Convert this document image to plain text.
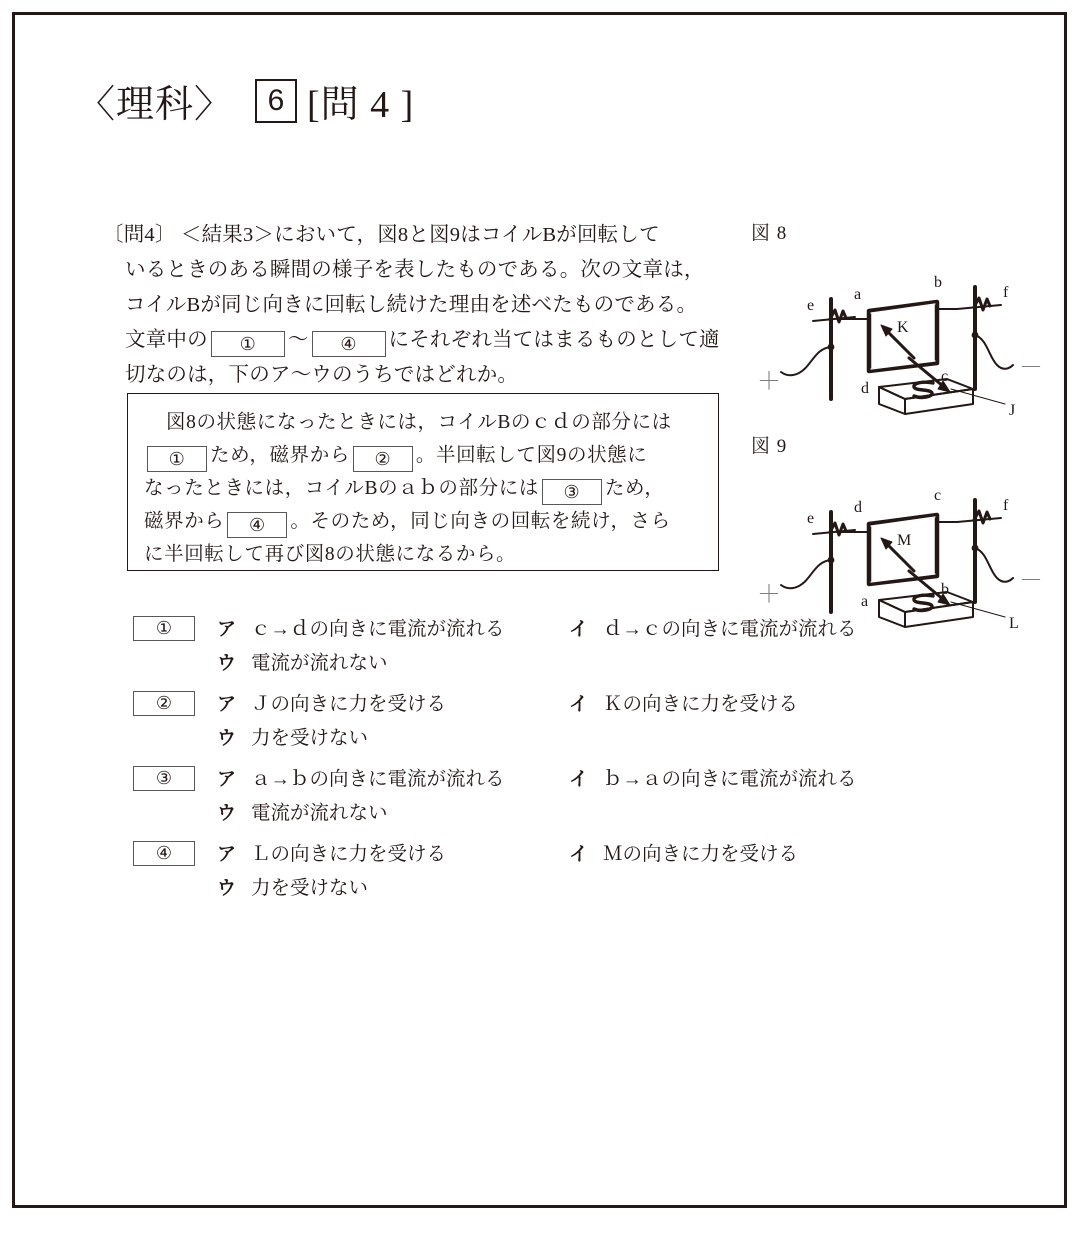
〈理科〉	6 [問 4 ]
〔問4〕 ＜結果3＞において，図8と図9はコイルBが回転して
いるときのある瞬間の様子を表したものである。次の文章は，
コイルBが同じ向きに回転し続けた理由を述べたものである。
文章中の ① ～ ④ にそれぞれ当てはまるものとして適
切なのは，下のア～ウのうちではどれか。
図8の状態になったときには，コイルBのｃｄの部分には
① ため，磁界から ② 。半回転して図9の状態に
なったときには，コイルBのａｂの部分には ③ ため，
磁界から ④ 。そのため，同じ向きの回転を続け，さら
に半回転して再び図8の状態になるから。
①	ア ｃ→ｄの向きに電流が流れる	イ ｄ→ｃの向きに電流が流れる
ウ 電流が流れない
②	ア Ｊの向きに力を受ける	イ Ｋの向きに力を受ける
ウ 力を受けない
③	ア ａ→ｂの向きに電流が流れる	イ ｂ→ａの向きに電流が流れる
ウ 電流が流れない
④	ア Ｌの向きに力を受ける	イ Ｍの向きに力を受ける
ウ 力を受けない
図 8
a
b
c
d
e
f
K
J
＋
－
図 9
d
c
b
a
e
f
M
L
＋
－
